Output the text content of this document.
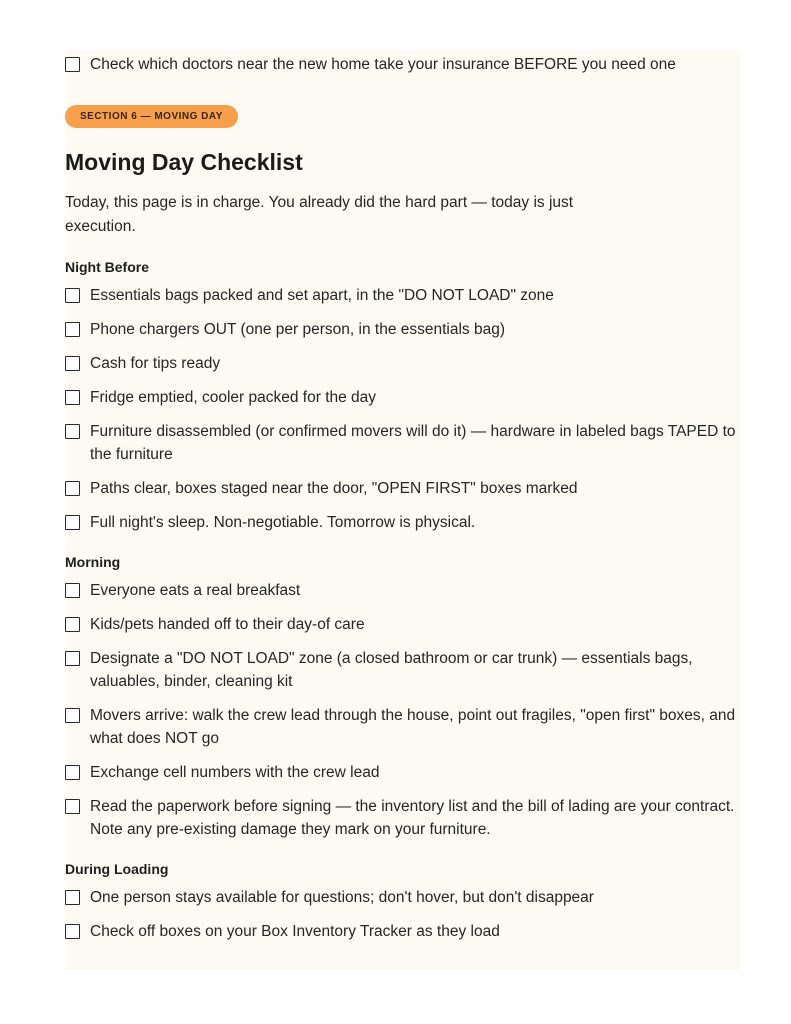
Check which doctors near the new home take your insurance BEFORE you need one
SECTION 6 — MOVING DAY
Moving Day Checklist
Today, this page is in charge. You already did the hard part — today is just execution.
Night Before
Essentials bags packed and set apart, in the "DO NOT LOAD" zone
Phone chargers OUT (one per person, in the essentials bag)
Cash for tips ready
Fridge emptied, cooler packed for the day
Furniture disassembled (or confirmed movers will do it) — hardware in labeled bags TAPED to the furniture
Paths clear, boxes staged near the door, "OPEN FIRST" boxes marked
Full night's sleep. Non-negotiable. Tomorrow is physical.
Morning
Everyone eats a real breakfast
Kids/pets handed off to their day-of care
Designate a "DO NOT LOAD" zone (a closed bathroom or car trunk) — essentials bags, valuables, binder, cleaning kit
Movers arrive: walk the crew lead through the house, point out fragiles, "open first" boxes, and what does NOT go
Exchange cell numbers with the crew lead
Read the paperwork before signing — the inventory list and the bill of lading are your contract. Note any pre-existing damage they mark on your furniture.
During Loading
One person stays available for questions; don't hover, but don't disappear
Check off boxes on your Box Inventory Tracker as they load
